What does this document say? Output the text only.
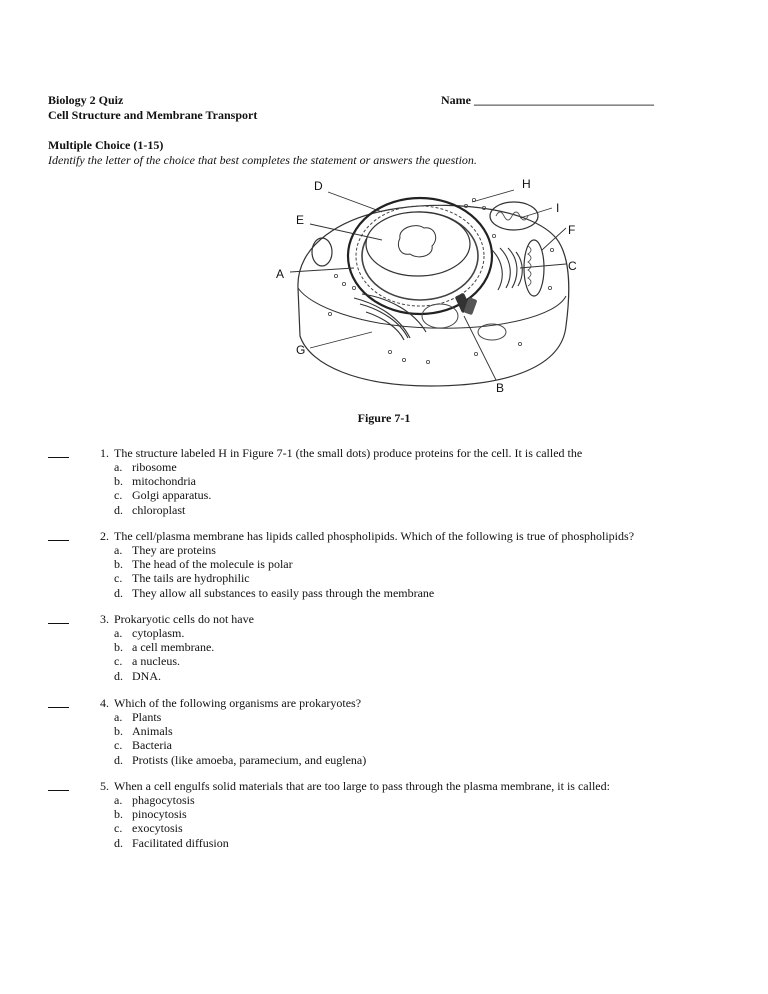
Biology 2 Quiz
Cell Structure and Membrane Transport
Name ______________________________
Multiple Choice (1-15)
Identify the letter of the choice that best completes the statement or answers the question.
D	H
I
E
F
C
A
G
B
Figure 7-1
1. The structure labeled H in Figure 7-1 (the small dots) produce proteins for the cell. It is called the
a. ribosome
b. mitochondria
c. Golgi apparatus.
d. chloroplast
2. The cell/plasma membrane has lipids called phospholipids. Which of the following is true of phospholipids?
a. They are proteins
b. The head of the molecule is polar
c. The tails are hydrophilic
d. They allow all substances to easily pass through the membrane
3. Prokaryotic cells do not have
a. cytoplasm.
b. a cell membrane.
c. a nucleus.
d. DNA.
4. Which of the following organisms are prokaryotes?
a. Plants
b. Animals
c. Bacteria
d. Protists (like amoeba, paramecium, and euglena)
5. When a cell engulfs solid materials that are too large to pass through the plasma membrane, it is called:
a. phagocytosis
b. pinocytosis
c. exocytosis
d. Facilitated diffusion
